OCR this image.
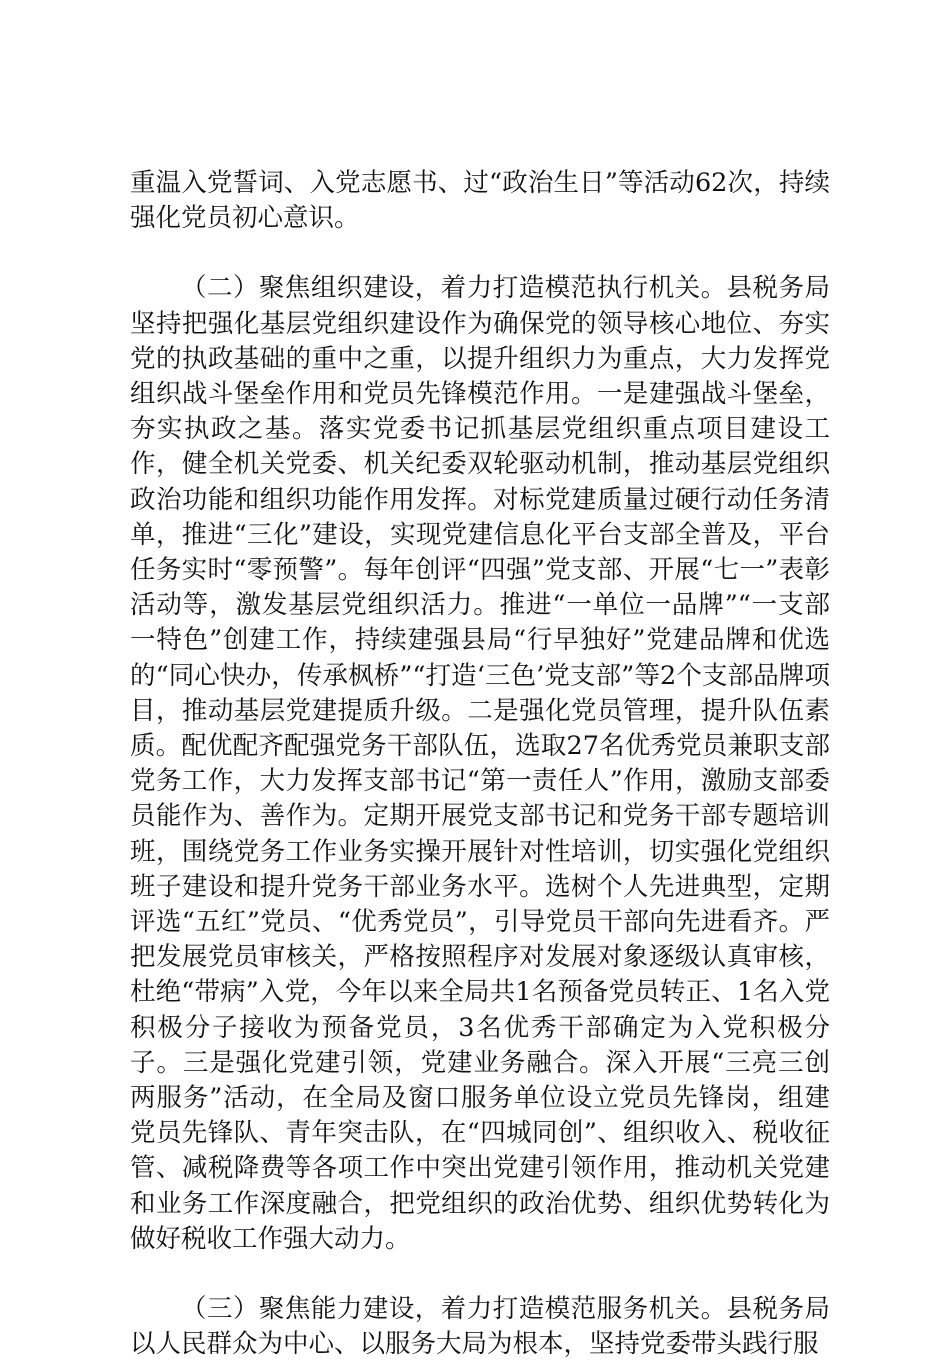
重温入党誓词、入党志愿书、过“政治生日”等活动62次，持续强化党员初心意识。

（二）聚焦组织建设，着力打造模范执行机关。县税务局坚持把强化基层党组织建设作为确保党的领导核心地位、夯实党的执政基础的重中之重，以提升组织力为重点，大力发挥党组织战斗堡垒作用和党员先锋模范作用。一是建强战斗堡垒，夯实执政之基。落实党委书记抓基层党组织重点项目建设工作，健全机关党委、机关纪委双轮驱动机制，推动基层党组织政治功能和组织功能作用发挥。对标党建质量过硬行动任务清单，推进“三化”建设，实现党建信息化平台支部全普及，平台任务实时“零预警”。每年创评“四强”党支部、开展“七一”表彰活动等，激发基层党组织活力。推进“一单位一品牌”“一支部一特色”创建工作，持续建强县局“行早独好”党建品牌和优选的“同心快办，传承枫桥”“打造‘三色’党支部”等2个支部品牌项目，推动基层党建提质升级。二是强化党员管理，提升队伍素质。配优配齐配强党务干部队伍，选取27名优秀党员兼职支部党务工作，大力发挥支部书记“第一责任人”作用，激励支部委员能作为、善作为。定期开展党支部书记和党务干部专题培训班，围绕党务工作业务实操开展针对性培训，切实强化党组织班子建设和提升党务干部业务水平。选树个人先进典型，定期评选“五红”党员、“优秀党员”，引导党员干部向先进看齐。严把发展党员审核关，严格按照程序对发展对象逐级认真审核，杜绝“带病”入党，今年以来全局共1名预备党员转正、1名入党积极分子接收为预备党员，3名优秀干部确定为入党积极分子。三是强化党建引领，党建业务融合。深入开展“三亮三创两服务”活动，在全局及窗口服务单位设立党员先锋岗，组建党员先锋队、青年突击队，在“四城同创”、组织收入、税收征管、减税降费等各项工作中突出党建引领作用，推动机关党建和业务工作深度融合，把党组织的政治优势、组织优势转化为做好税收工作强大动力。

（三）聚焦能力建设，着力打造模范服务机关。县税务局以人民群众为中心、以服务大局为根本，坚持党委带头践行服
